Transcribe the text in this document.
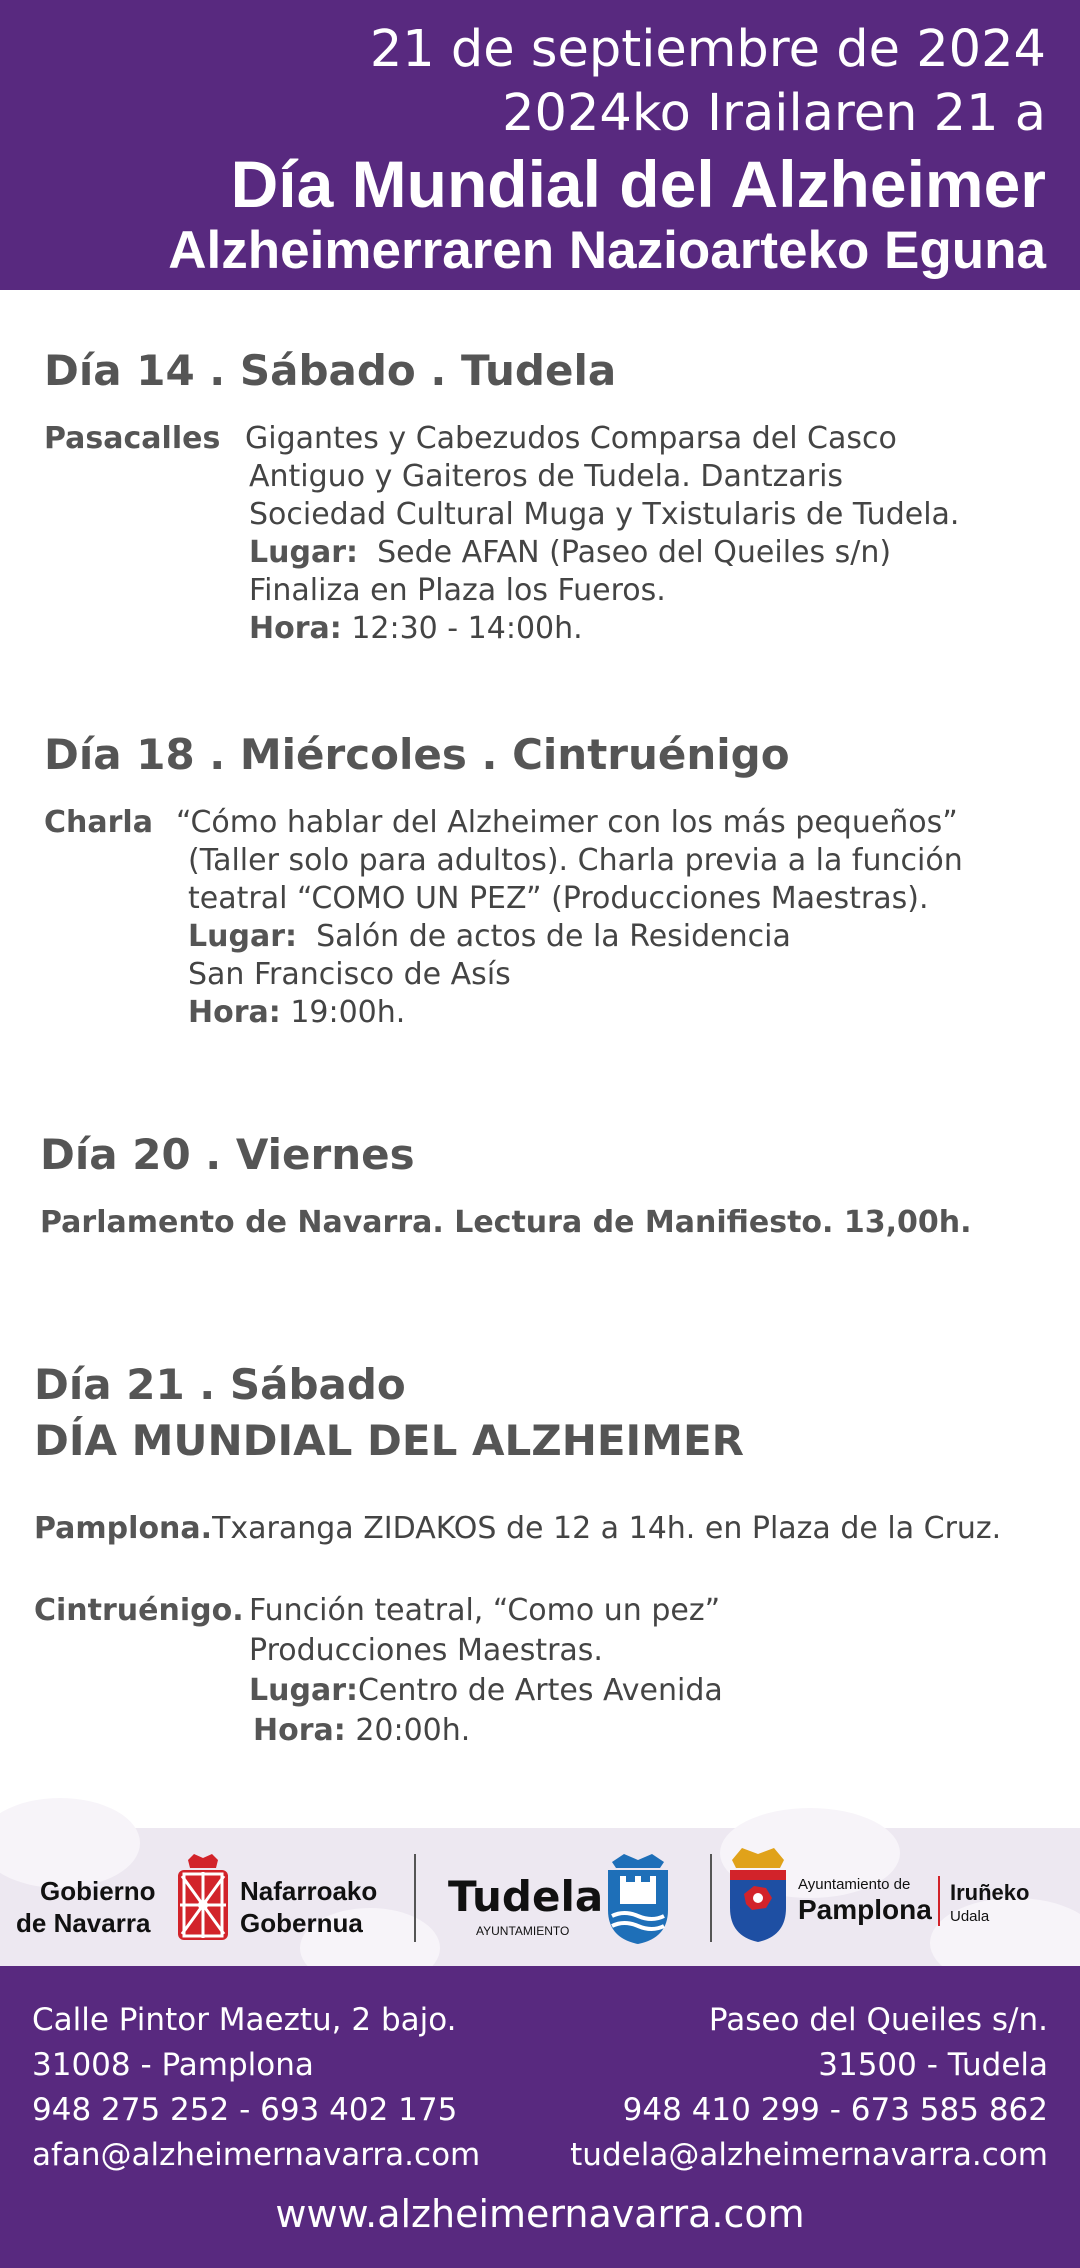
21 de septiembre de 2024
2024ko Irailaren 21 a
Día Mundial del Alzheimer
Alzheimerraren Nazioarteko Eguna
Día 14 . Sábado . Tudela
Pasacalles Gigantes y Cabezudos Comparsa del Casco
Antiguo y Gaiteros de Tudela. Dantzaris
Sociedad Cultural Muga y Txistularis de Tudela.
Lugar: Sede AFAN (Paseo del Queiles s/n)
Finaliza en Plaza los Fueros.
Hora: 12:30 - 14:00h.
Día 18 . Miércoles . Cintruénigo
Charla “Cómo hablar del Alzheimer con los más pequeños”
(Taller solo para adultos). Charla previa a la función
teatral “COMO UN PEZ” (Producciones Maestras).
Lugar: Salón de actos de la Residencia
San Francisco de Asís
Hora: 19:00h.
Día 20 . Viernes
Parlamento de Navarra. Lectura de Manifiesto. 13,00h.
Día 21 . Sábado
DÍA MUNDIAL DEL ALZHEIMER
Pamplona.Txaranga ZIDAKOS de 12 a 14h. en Plaza de la Cruz.
Cintruénigo. Función teatral, “Como un pez”
Producciones Maestras.
Lugar:Centro de Artes Avenida
Hora: 20:00h.
Gobierno
de Navarra
Nafarroako
Gobernua
Tudela
AYUNTAMIENTO
Ayuntamiento de
Pamplona
Iruñeko
Udala
Calle Pintor Maeztu, 2 bajo.
31008 - Pamplona
948 275 252 - 693 402 175
afan@alzheimernavarra.com
Paseo del Queiles s/n.
31500 - Tudela
948 410 299 - 673 585 862
tudela@alzheimernavarra.com
www.alzheimernavarra.com
